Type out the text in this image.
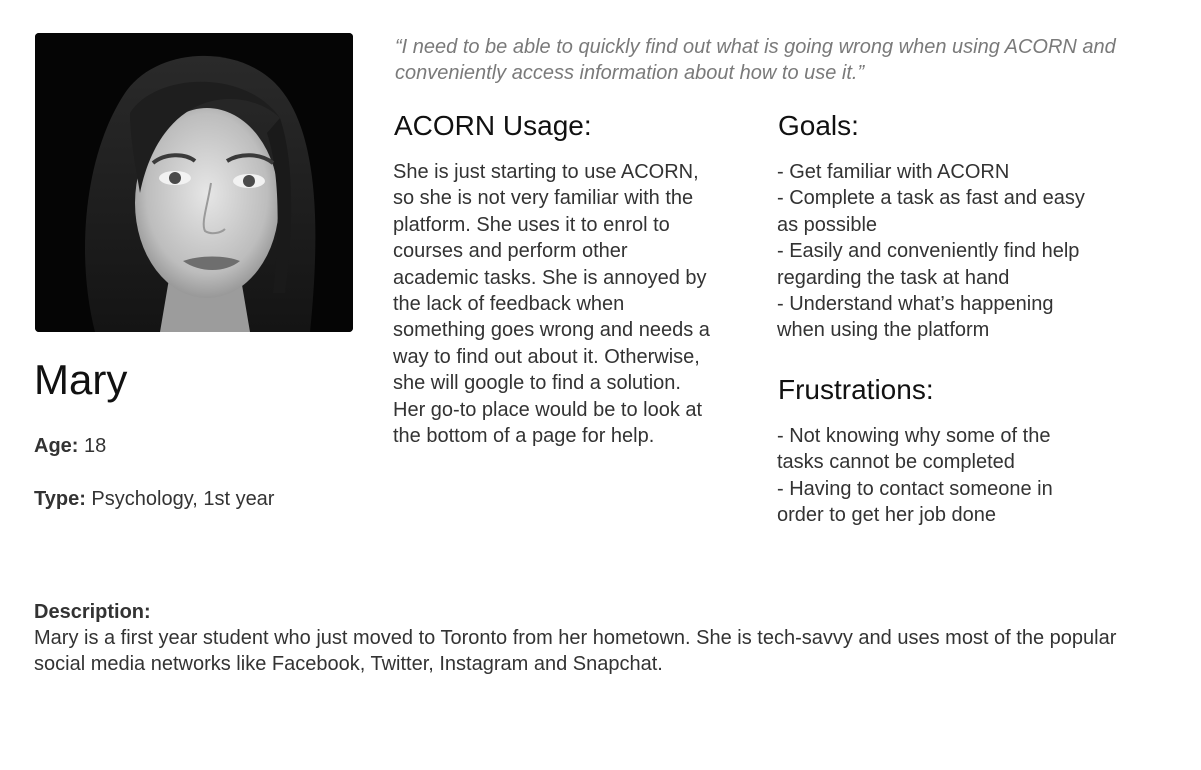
Mary
Age: 18
Type: Psychology, 1st year

“I need to be able to quickly find out what is going wrong when using ACORN and conveniently access information about how to use it.”

ACORN Usage:

She is just starting to use ACORN, so she is not very familiar with the platform. She uses it to enrol to courses and perform other academic tasks. She is annoyed by the lack of feedback when something goes wrong and needs a way to find out about it. Otherwise, she will google to find a solution. Her go-to place would be to look at the bottom of a page for help.

Goals:
- Get familiar with ACORN
- Complete a task as fast and easy as possible
- Easily and conveniently find help regarding the task at hand
- Understand what’s happening when using the platform
Frustrations:
- Not knowing why some of the tasks cannot be completed
- Having to contact someone in order to get her job done
Description:

Mary is a first year student who just moved to Toronto from her hometown. She is tech-savvy and uses most of the popular social media networks like Facebook, Twitter, Instagram and Snapchat.
